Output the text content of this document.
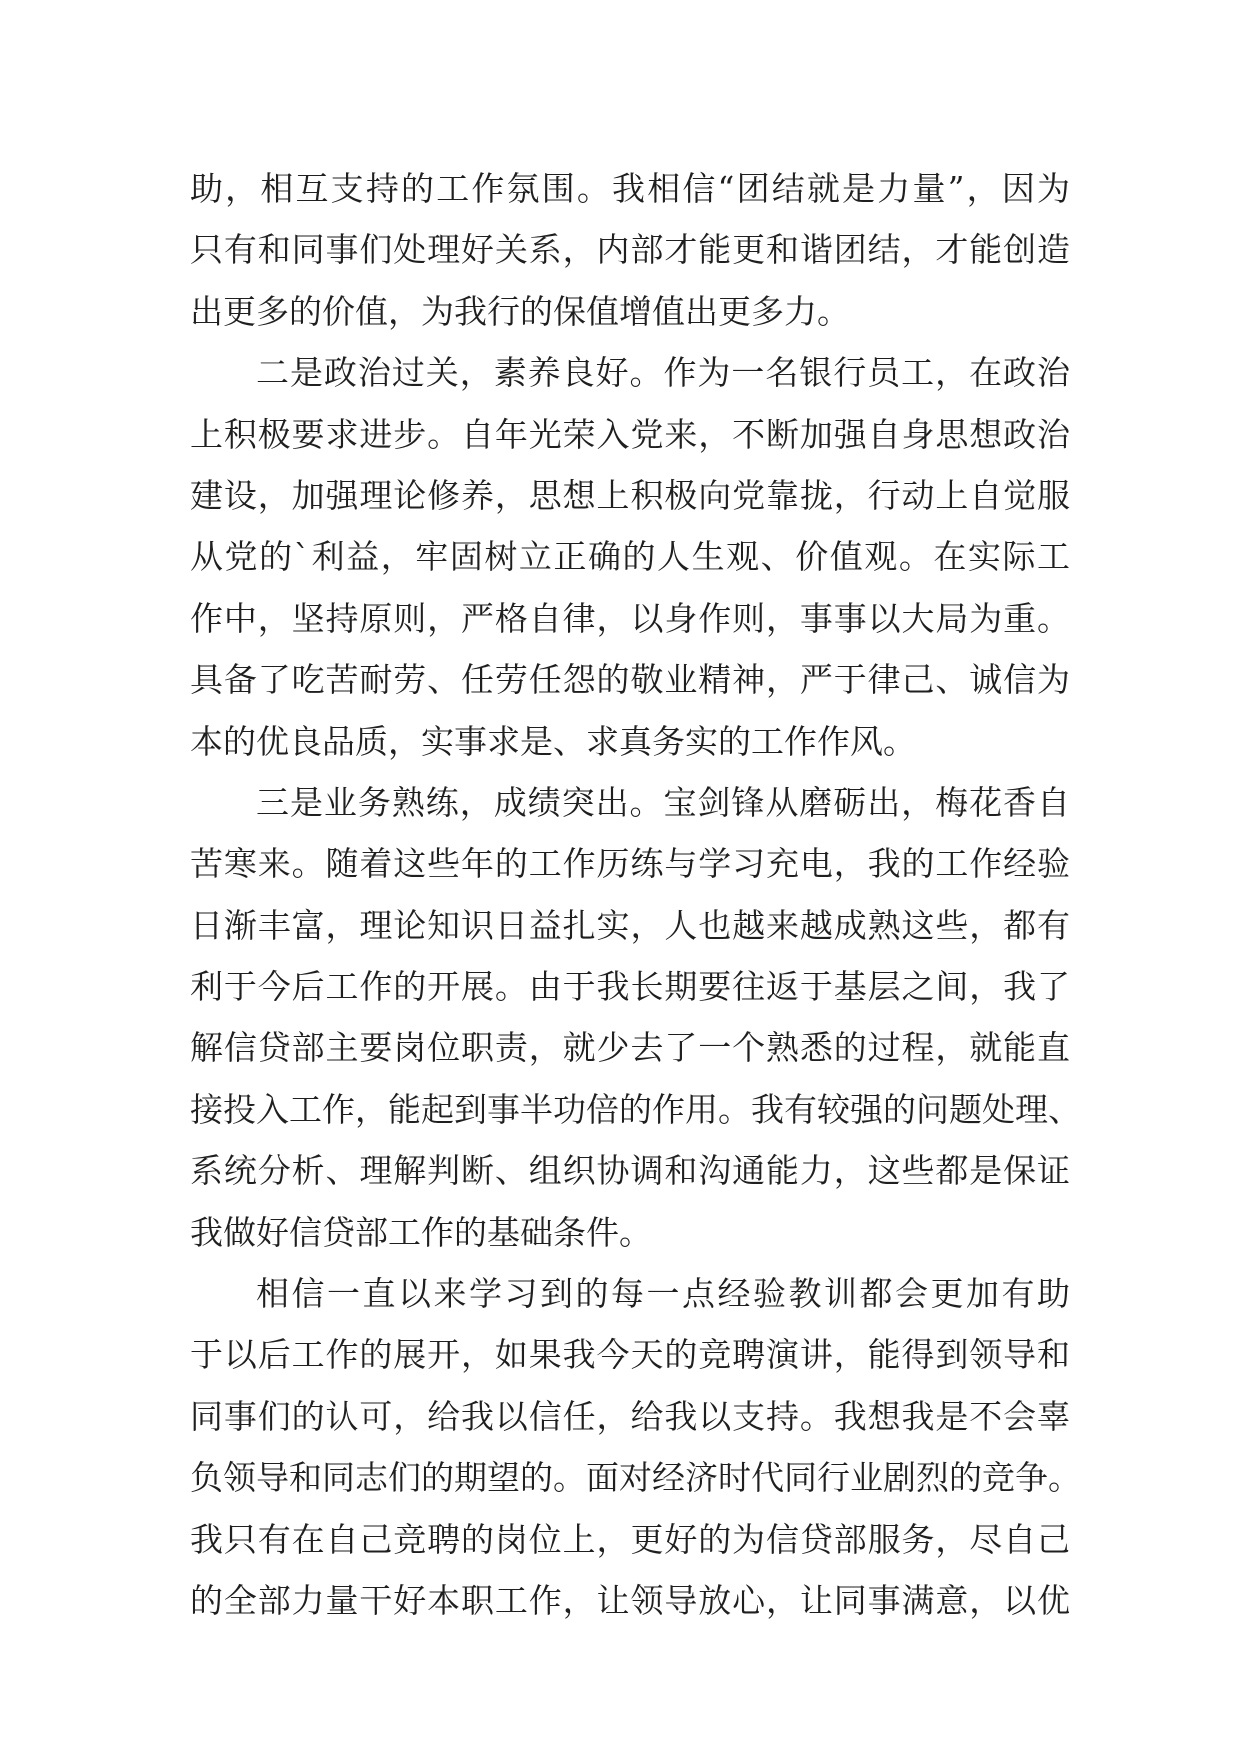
助，相互支持的工作氛围。我相信“团结就是力量”，因为
只有和同事们处理好关系，内部才能更和谐团结，才能创造
出更多的价值，为我行的保值增值出更多力。
二是政治过关，素养良好。作为一名银行员工，在政治
上积极要求进步。自年光荣入党来，不断加强自身思想政治
建设，加强理论修养，思想上积极向党靠拢，行动上自觉服
从党的`利益，牢固树立正确的人生观、价值观。在实际工
作中，坚持原则，严格自律，以身作则，事事以大局为重。
具备了吃苦耐劳、任劳任怨的敬业精神，严于律己、诚信为
本的优良品质，实事求是、求真务实的工作作风。
三是业务熟练，成绩突出。宝剑锋从磨砺出，梅花香自
苦寒来。随着这些年的工作历练与学习充电，我的工作经验
日渐丰富，理论知识日益扎实，人也越来越成熟这些，都有
利于今后工作的开展。由于我长期要往返于基层之间，我了
解信贷部主要岗位职责，就少去了一个熟悉的过程，就能直
接投入工作，能起到事半功倍的作用。我有较强的问题处理、
系统分析、理解判断、组织协调和沟通能力，这些都是保证
我做好信贷部工作的基础条件。
相信一直以来学习到的每一点经验教训都会更加有助
于以后工作的展开，如果我今天的竞聘演讲，能得到领导和
同事们的认可，给我以信任，给我以支持。我想我是不会辜
负领导和同志们的期望的。面对经济时代同行业剧烈的竞争。
我只有在自己竞聘的岗位上，更好的为信贷部服务，尽自己
的全部力量干好本职工作，让领导放心，让同事满意，以优
